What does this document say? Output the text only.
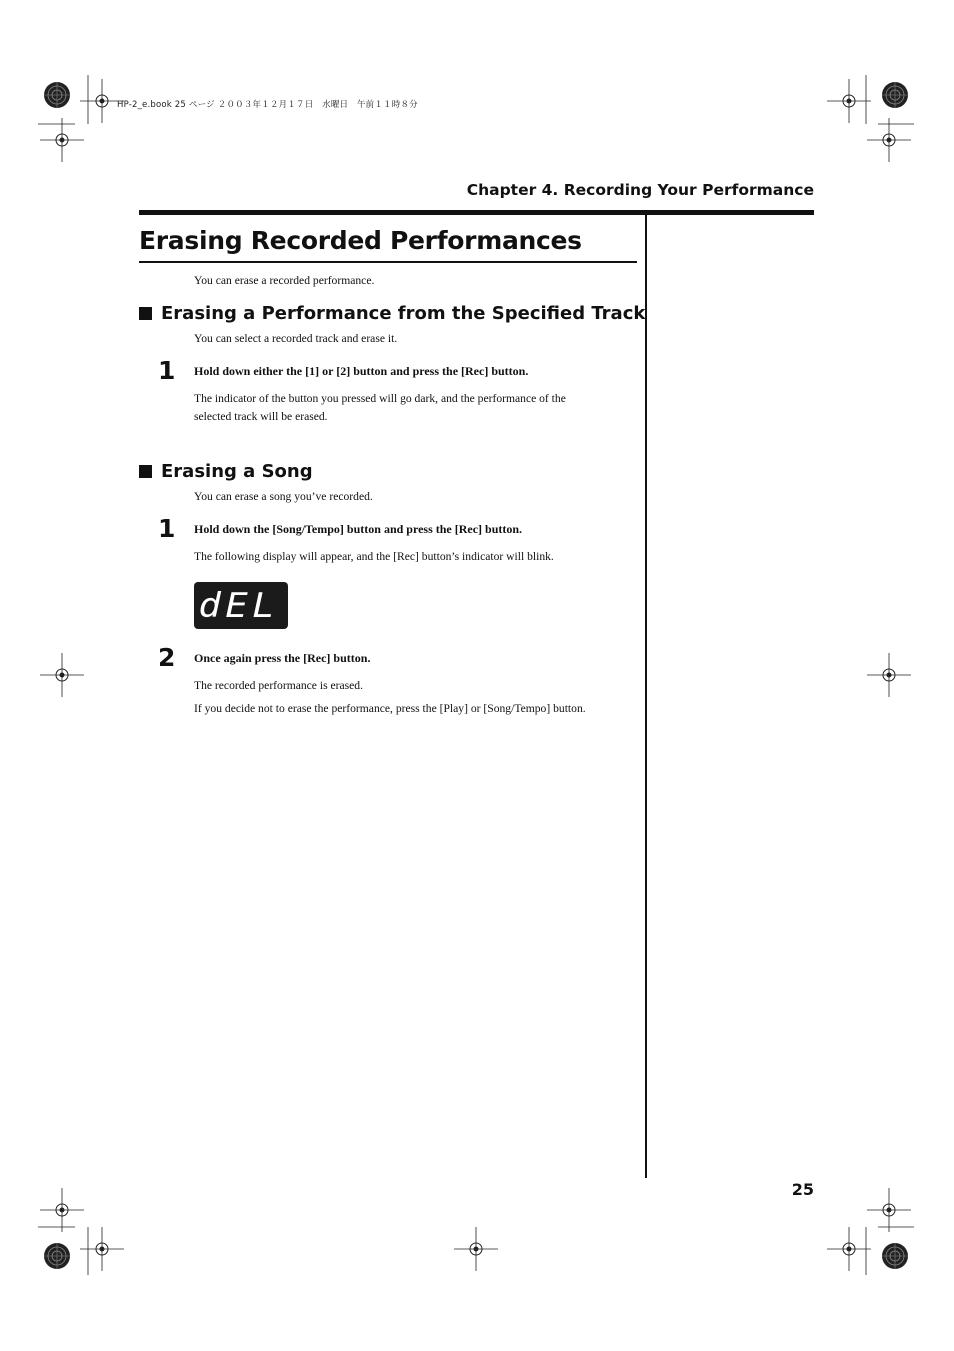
HP-2_e.book 25 ページ ２００３年１２月１７日　水曜日　午前１１時８分
Chapter 4. Recording Your Performance
Erasing Recorded Performances
You can erase a recorded performance.
Erasing a Performance from the Specified Track
You can select a recorded track and erase it.
1 Hold down either the [1] or [2] button and press the [Rec] button.
The indicator of the button you pressed will go dark, and the performance of the
selected track will be erased.
Erasing a Song
You can erase a song you’ve recorded.
1 Hold down the [Song/Tempo] button and press the [Rec] button.
The following display will appear, and the [Rec] button’s indicator will blink.
dEL
2 Once again press the [Rec] button.
The recorded performance is erased.
If you decide not to erase the performance, press the [Play] or [Song/Tempo] button.
25
